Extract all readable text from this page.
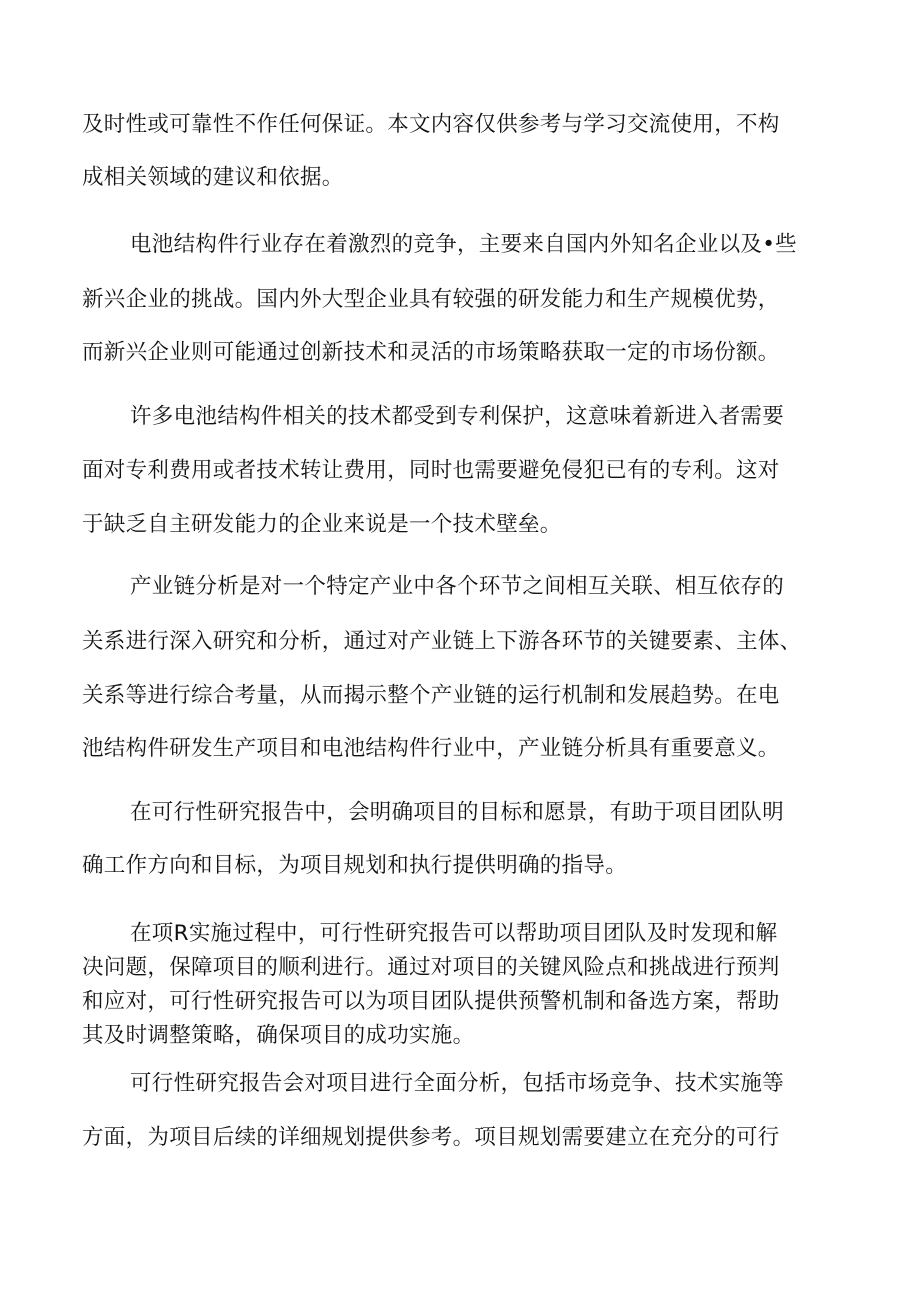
及时性或可靠性不作任何保证。本文内容仅供参考与学习交流使用，不构

成相关领域的建议和依据。

电池结构件行业存在着激烈的竞争，主要来自国内外知名企业以及•些

新兴企业的挑战。国内外大型企业具有较强的研发能力和生产规模优势，

而新兴企业则可能通过创新技术和灵活的市场策略获取一定的市场份额。

许多电池结构件相关的技术都受到专利保护，这意味着新进入者需要

面对专利费用或者技术转让费用，同时也需要避免侵犯已有的专利。这对

于缺乏自主研发能力的企业来说是一个技术壁垒。

产业链分析是对一个特定产业中各个环节之间相互关联、相互依存的

关系进行深入研究和分析，通过对产业链上下游各环节的关键要素、主体、

关系等进行综合考量，从而揭示整个产业链的运行机制和发展趋势。在电

池结构件研发生产项目和电池结构件行业中，产业链分析具有重要意义。

在可行性研究报告中，会明确项目的目标和愿景，有助于项目团队明

确工作方向和目标，为项目规划和执行提供明确的指导。

在项R实施过程中，可行性研究报告可以帮助项目团队及时发现和解

决问题，保障项目的顺利进行。通过对项目的关键风险点和挑战进行预判

和应对，可行性研究报告可以为项目团队提供预警机制和备选方案，帮助

其及时调整策略，确保项目的成功实施。

可行性研究报告会对项目进行全面分析，包括市场竞争、技术实施等

方面，为项目后续的详细规划提供参考。项目规划需要建立在充分的可行
